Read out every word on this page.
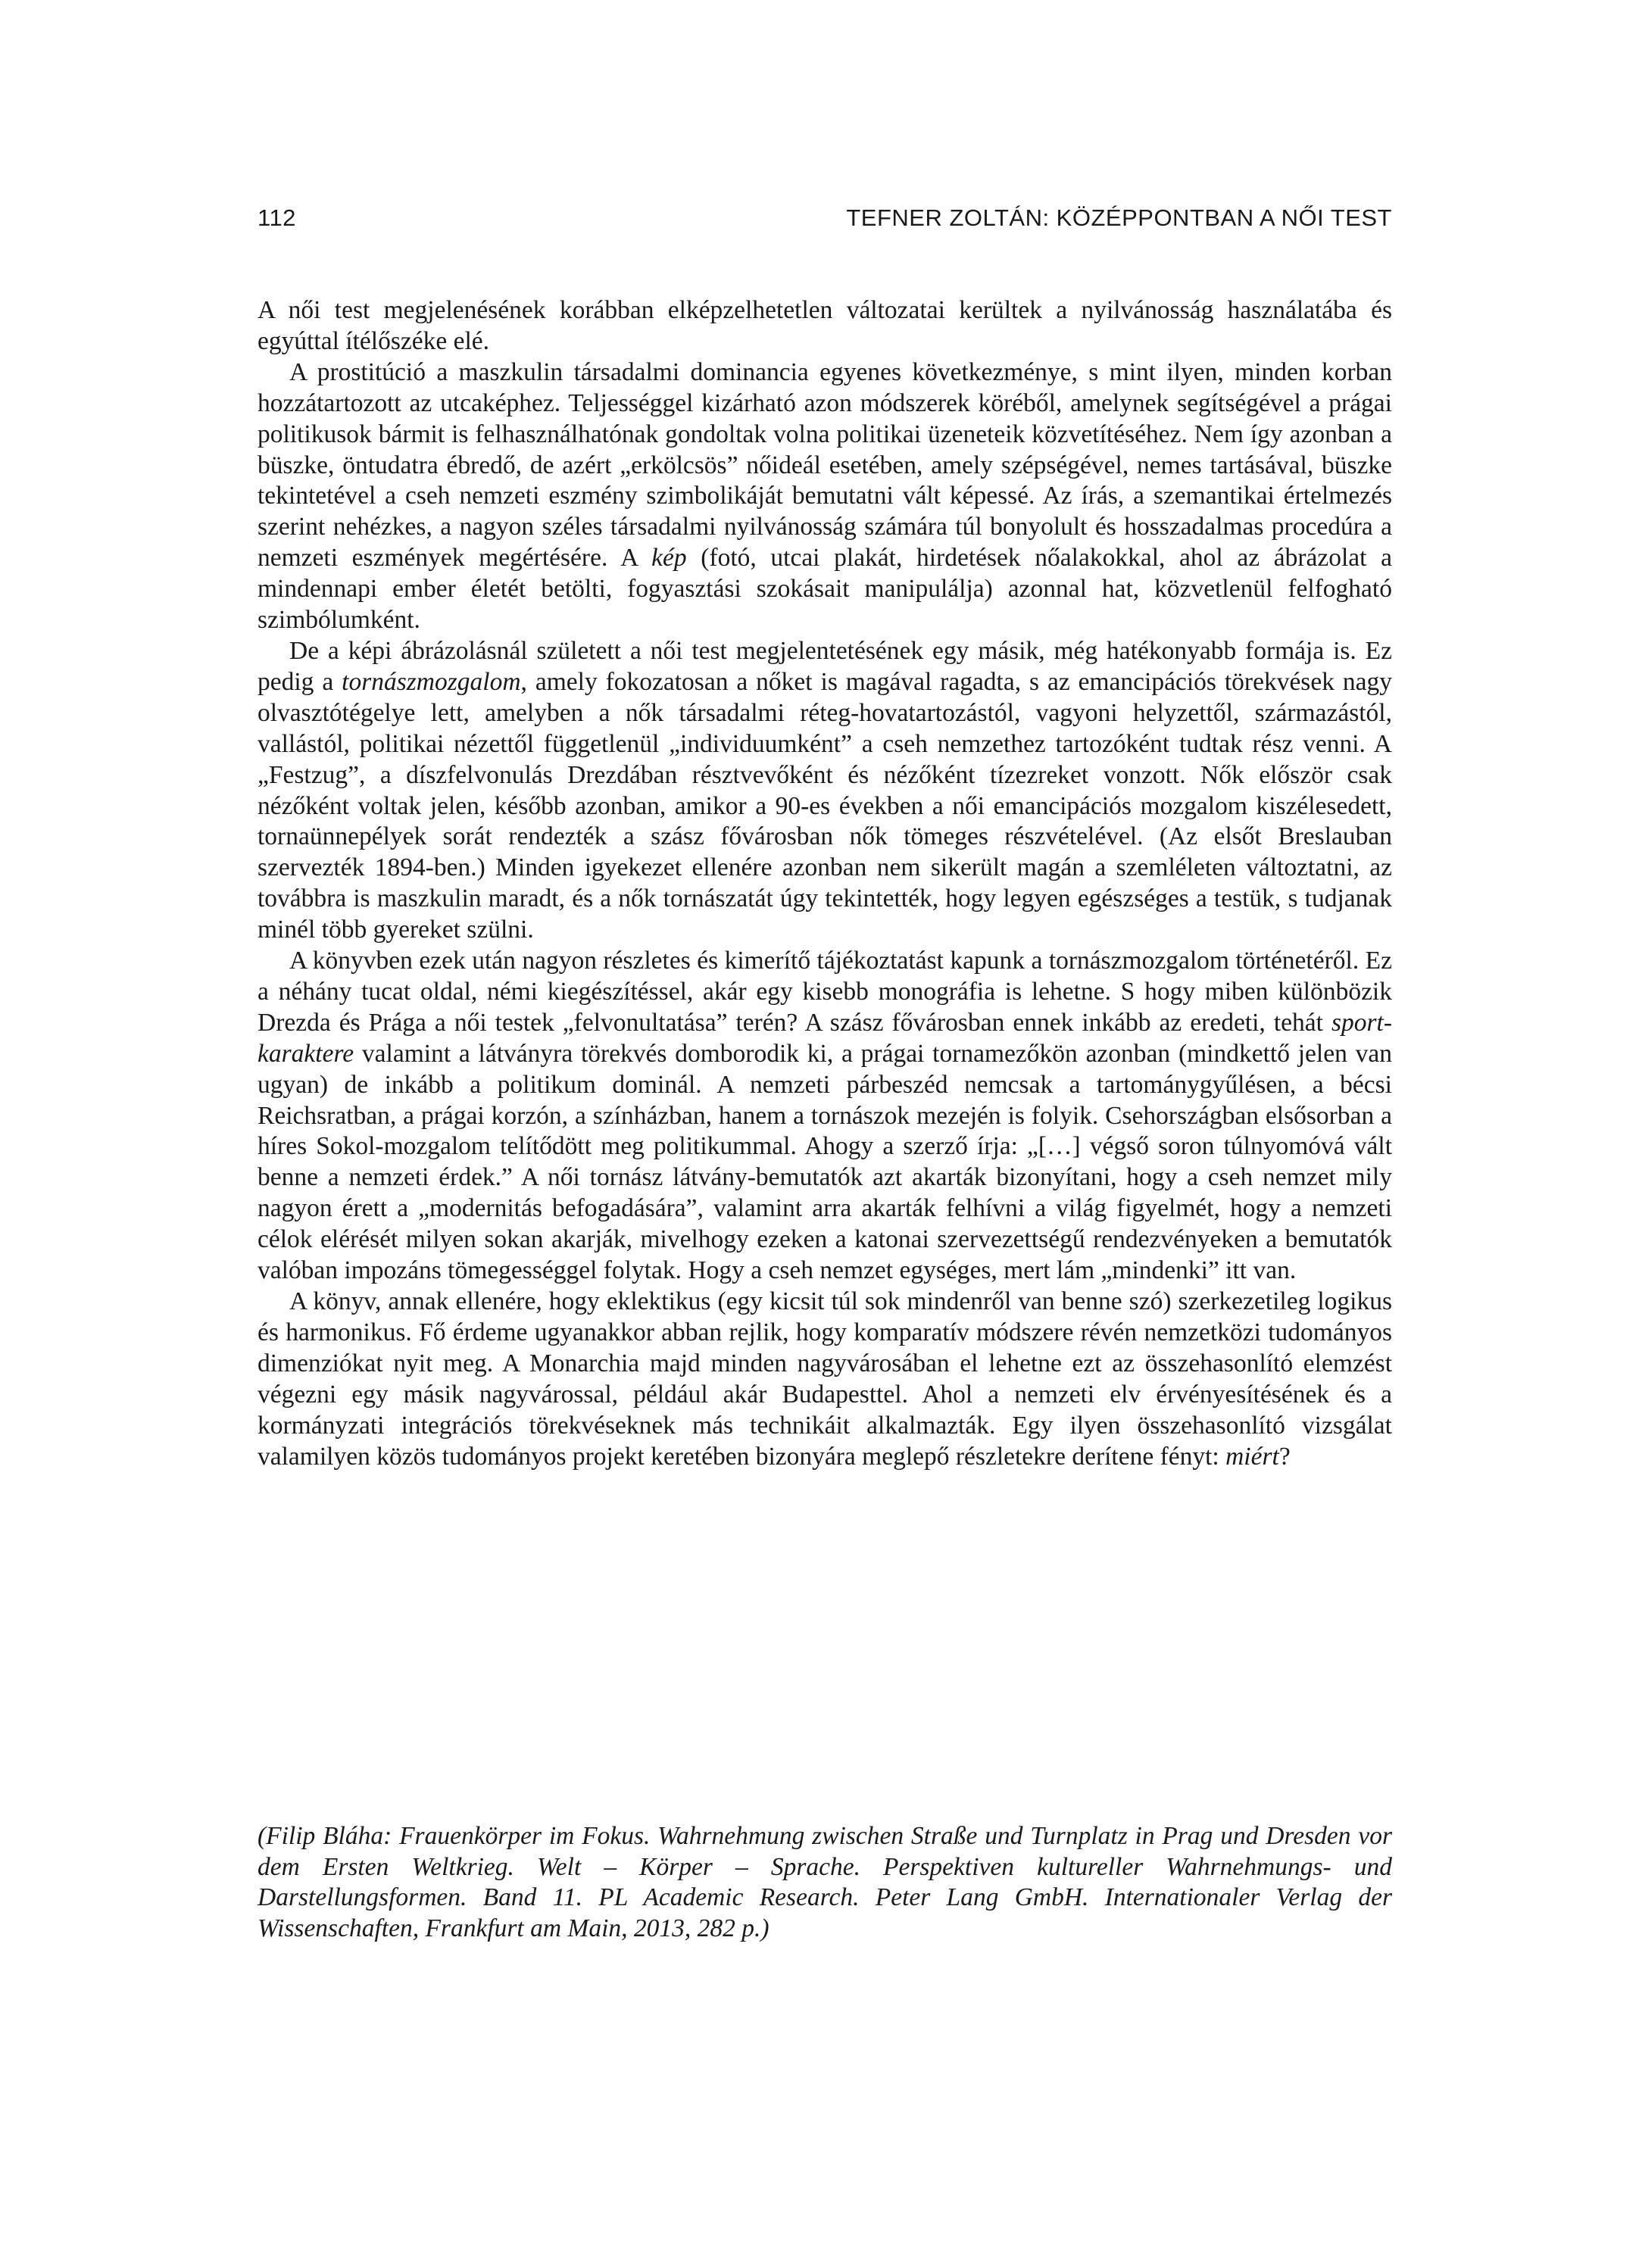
112	TEFNER ZOLTÁN: KÖZÉPPONTBAN A NŐI TEST

A női test megjelenésének korábban elképzelhetetlen változatai kerültek a nyilvánosság használatába és egyúttal ítélőszéke elé.

A prostitúció a maszkulin társadalmi dominancia egyenes következménye, s mint ilyen, minden korban hozzátartozott az utcaképhez. Teljességgel kizárható azon módszerek köréből, amelynek segítségével a prágai politikusok bármit is felhasználhatónak gondoltak volna politikai üzeneteik közvetítéséhez. Nem így azonban a büszke, öntudatra ébredő, de azért „erkölcsös” nőideál esetében, amely szépségével, nemes tartásával, büszke tekintetével a cseh nemzeti eszmény szimbolikáját bemutatni vált képessé. Az írás, a szemantikai értelmezés szerint nehézkes, a nagyon széles társadalmi nyilvánosság számára túl bonyolult és hosszadalmas procedúra a nemzeti eszmények megértésére. A kép (fotó, utcai plakát, hirdetések nőalakokkal, ahol az ábrázolat a mindennapi ember életét betölti, fogyasztási szokásait manipulálja) azonnal hat, közvetlenül felfogható szimbólumként.

De a képi ábrázolásnál született a női test megjelentetésének egy másik, még hatékonyabb formája is. Ez pedig a tornászmozgalom, amely fokozatosan a nőket is magával ragadta, s az emancipációs törekvések nagy olvasztótégelye lett, amelyben a nők társadalmi réteg-hovatartozástól, vagyoni helyzettől, származástól, vallástól, politikai nézettől függetlenül „individuumként” a cseh nemzethez tartozóként tudtak rész venni. A „Festzug”, a díszfelvonulás Drezdában résztvevőként és nézőként tízezreket vonzott. Nők először csak nézőként voltak jelen, később azonban, amikor a 90-es években a női emancipációs mozgalom kiszélesedett, tornaünnepélyek sorát rendezték a szász fővárosban nők tömeges részvételével. (Az elsőt Breslauban szervezték 1894-ben.) Minden igyekezet ellenére azonban nem sikerült magán a szemléleten változtatni, az továbbra is maszkulin maradt, és a nők tornászatát úgy tekintették, hogy legyen egészséges a testük, s tudjanak minél több gyereket szülni.

A könyvben ezek után nagyon részletes és kimerítő tájékoztatást kapunk a tornászmozgalom történetéről. Ez a néhány tucat oldal, némi kiegészítéssel, akár egy kisebb monográfia is lehetne. S hogy miben különbözik Drezda és Prága a női testek „felvonultatása” terén? A szász fővárosban ennek inkább az eredeti, tehát sport-karaktere valamint a látványra törekvés domborodik ki, a prágai tornamezőkön azonban (mindkettő jelen van ugyan) de inkább a politikum dominál. A nemzeti párbeszéd nemcsak a tartománygyűlésen, a bécsi Reichsratban, a prágai korzón, a színházban, hanem a tornászok mezején is folyik. Csehországban elsősorban a híres Sokol-mozgalom telítődött meg politikummal. Ahogy a szerző írja: „[…] végső soron túlnyomóvá vált benne a nemzeti érdek.” A női tornász látvány-bemutatók azt akarták bizonyítani, hogy a cseh nemzet mily nagyon érett a „modernitás befogadására”, valamint arra akarták felhívni a világ figyelmét, hogy a nemzeti célok elérését milyen sokan akarják, mivelhogy ezeken a katonai szervezettségű rendezvényeken a bemutatók valóban impozáns tömegességgel folytak. Hogy a cseh nemzet egységes, mert lám „mindenki” itt van.

A könyv, annak ellenére, hogy eklektikus (egy kicsit túl sok mindenről van benne szó) szerkezetileg logikus és harmonikus. Fő érdeme ugyanakkor abban rejlik, hogy komparatív módszere révén nemzetközi tudományos dimenziókat nyit meg. A Monarchia majd minden nagyvárosában el lehetne ezt az összehasonlító elemzést végezni egy másik nagyvárossal, például akár Budapesttel. Ahol a nemzeti elv érvényesítésének és a kormányzati integrációs törekvéseknek más technikáit alkalmazták. Egy ilyen összehasonlító vizsgálat valamilyen közös tudományos projekt keretében bizonyára meglepő részletekre derítene fényt: miért?

(Filip Bláha: Frauenkörper im Fokus. Wahrnehmung zwischen Straße und Turnplatz in Prag und Dresden vor dem Ersten Weltkrieg. Welt – Körper – Sprache. Perspektiven kultureller Wahrnehmungs- und Darstellungsformen. Band 11. PL Academic Research. Peter Lang GmbH. Internationaler Verlag der Wissenschaften, Frankfurt am Main, 2013, 282 p.)
